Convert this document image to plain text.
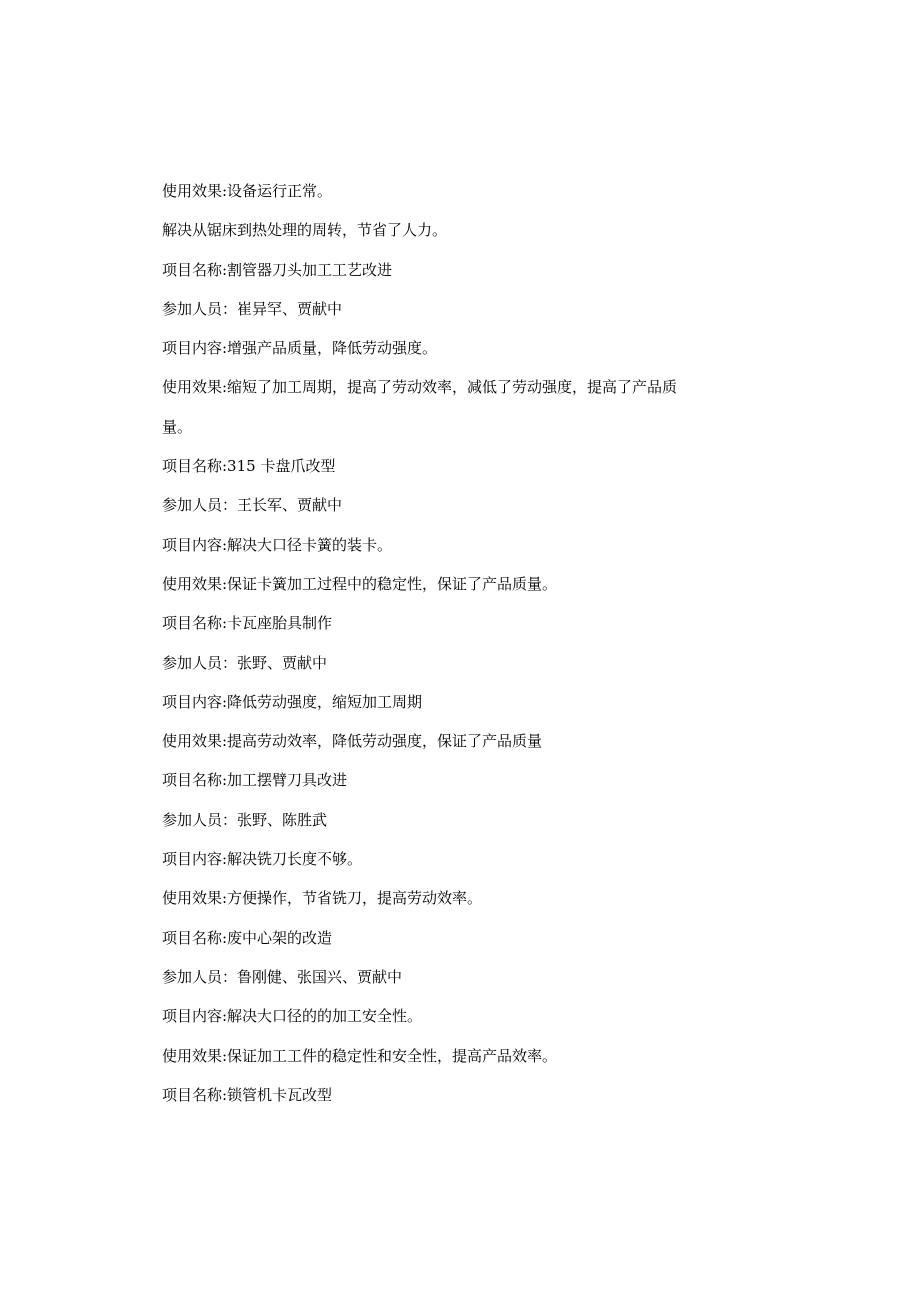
使用效果:设备运行正常。

解决从锯床到热处理的周转，节省了人力。

项目名称:割管器刀头加工工艺改进

参加人员：崔异罕、贾献中

项目内容:增强产品质量，降低劳动强度。

使用效果:缩短了加工周期，提高了劳动效率，减低了劳动强度，提高了产品质

量。

项目名称:315 卡盘爪改型

参加人员：王长军、贾献中

项目内容:解决大口径卡簧的装卡。

使用效果:保证卡簧加工过程中的稳定性，保证了产品质量。

项目名称:卡瓦座胎具制作

参加人员：张野、贾献中

项目内容:降低劳动强度，缩短加工周期

使用效果:提高劳动效率，降低劳动强度，保证了产品质量

项目名称:加工摆臂刀具改进

参加人员：张野、陈胜武

项目内容:解决铣刀长度不够。

使用效果:方便操作，节省铣刀，提高劳动效率。

项目名称:废中心架的改造

参加人员：鲁刚健、张国兴、贾献中

项目内容:解决大口径的的加工安全性。

使用效果:保证加工工件的稳定性和安全性，提高产品效率。

项目名称:锁管机卡瓦改型
